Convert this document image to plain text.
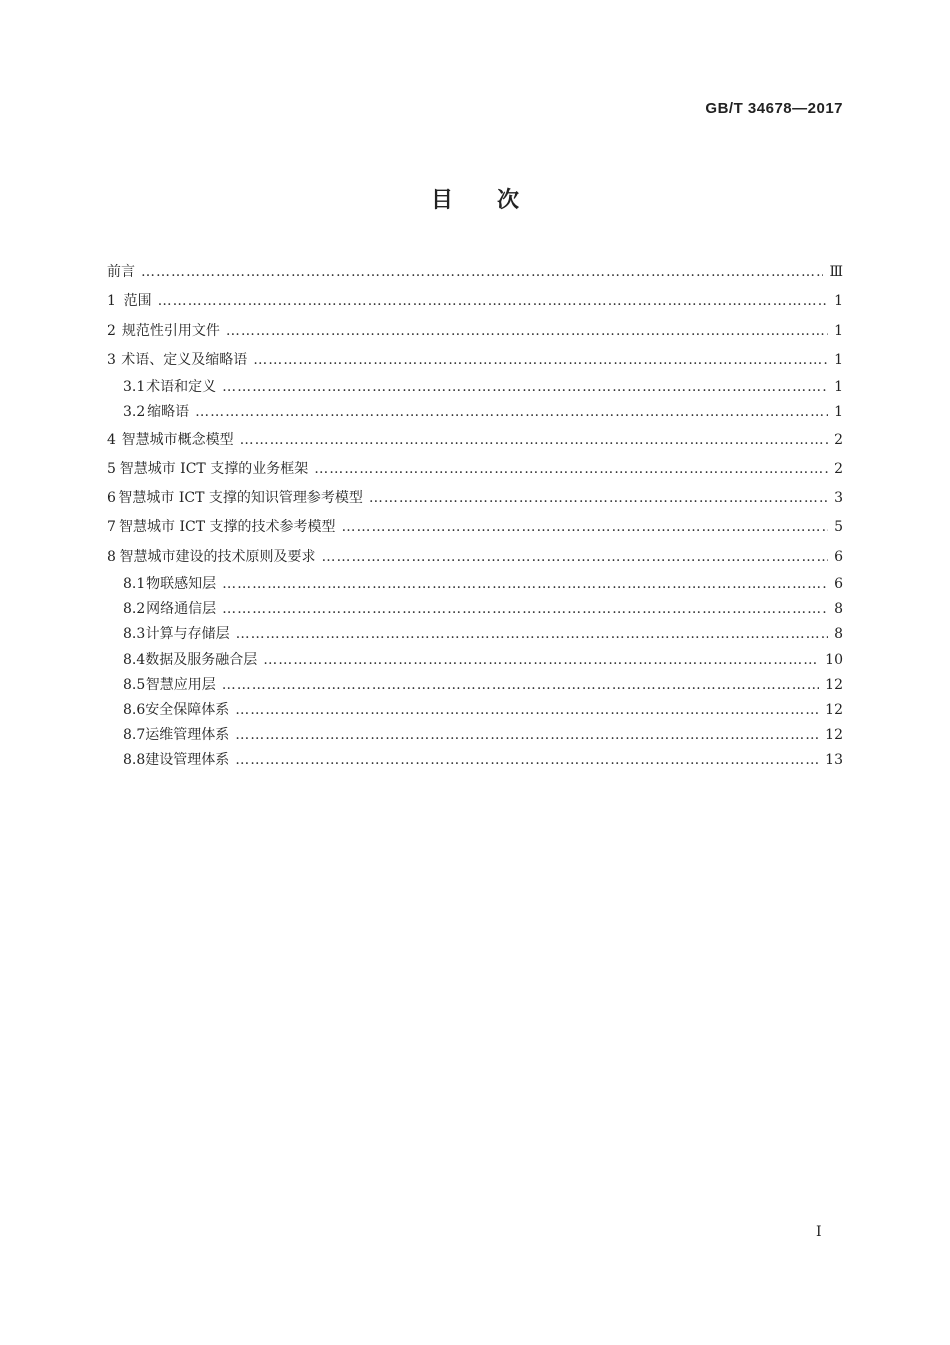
GB/T 34678—2017
目 次
前言 …………………………………………………………………………………………………………………………………………………………………………………………	Ⅲ
1 范围 …………………………………………………………………………………………………………………………………………………………………………………………	1
2 规范性引用文件 …………………………………………………………………………………………………………………………………………………………………………………………	1
3 术语、定义及缩略语 …………………………………………………………………………………………………………………………………………………………………………………………	1
3.1 术语和定义 …………………………………………………………………………………………………………………………………………………………………………………………	1
3.2 缩略语 …………………………………………………………………………………………………………………………………………………………………………………………	1
4 智慧城市概念模型 …………………………………………………………………………………………………………………………………………………………………………………………	2
5 智慧城市 ICT 支撑的业务框架 …………………………………………………………………………………………………………………………………………………………………………………………	2
6 智慧城市 ICT 支撑的知识管理参考模型 …………………………………………………………………………………………………………………………………………………………………………………………	3
7 智慧城市 ICT 支撑的技术参考模型 …………………………………………………………………………………………………………………………………………………………………………………………	5
8 智慧城市建设的技术原则及要求 …………………………………………………………………………………………………………………………………………………………………………………………	6
8.1 物联感知层 …………………………………………………………………………………………………………………………………………………………………………………………	6
8.2 网络通信层 …………………………………………………………………………………………………………………………………………………………………………………………	8
8.3 计算与存储层 …………………………………………………………………………………………………………………………………………………………………………………………	8
8.4 数据及服务融合层 …………………………………………………………………………………………………………………………………………………………………………………………	10
8.5 智慧应用层 …………………………………………………………………………………………………………………………………………………………………………………………	12
8.6 安全保障体系 …………………………………………………………………………………………………………………………………………………………………………………………	12
8.7 运维管理体系 …………………………………………………………………………………………………………………………………………………………………………………………	12
8.8 建设管理体系 …………………………………………………………………………………………………………………………………………………………………………………………	13
Ⅰ
